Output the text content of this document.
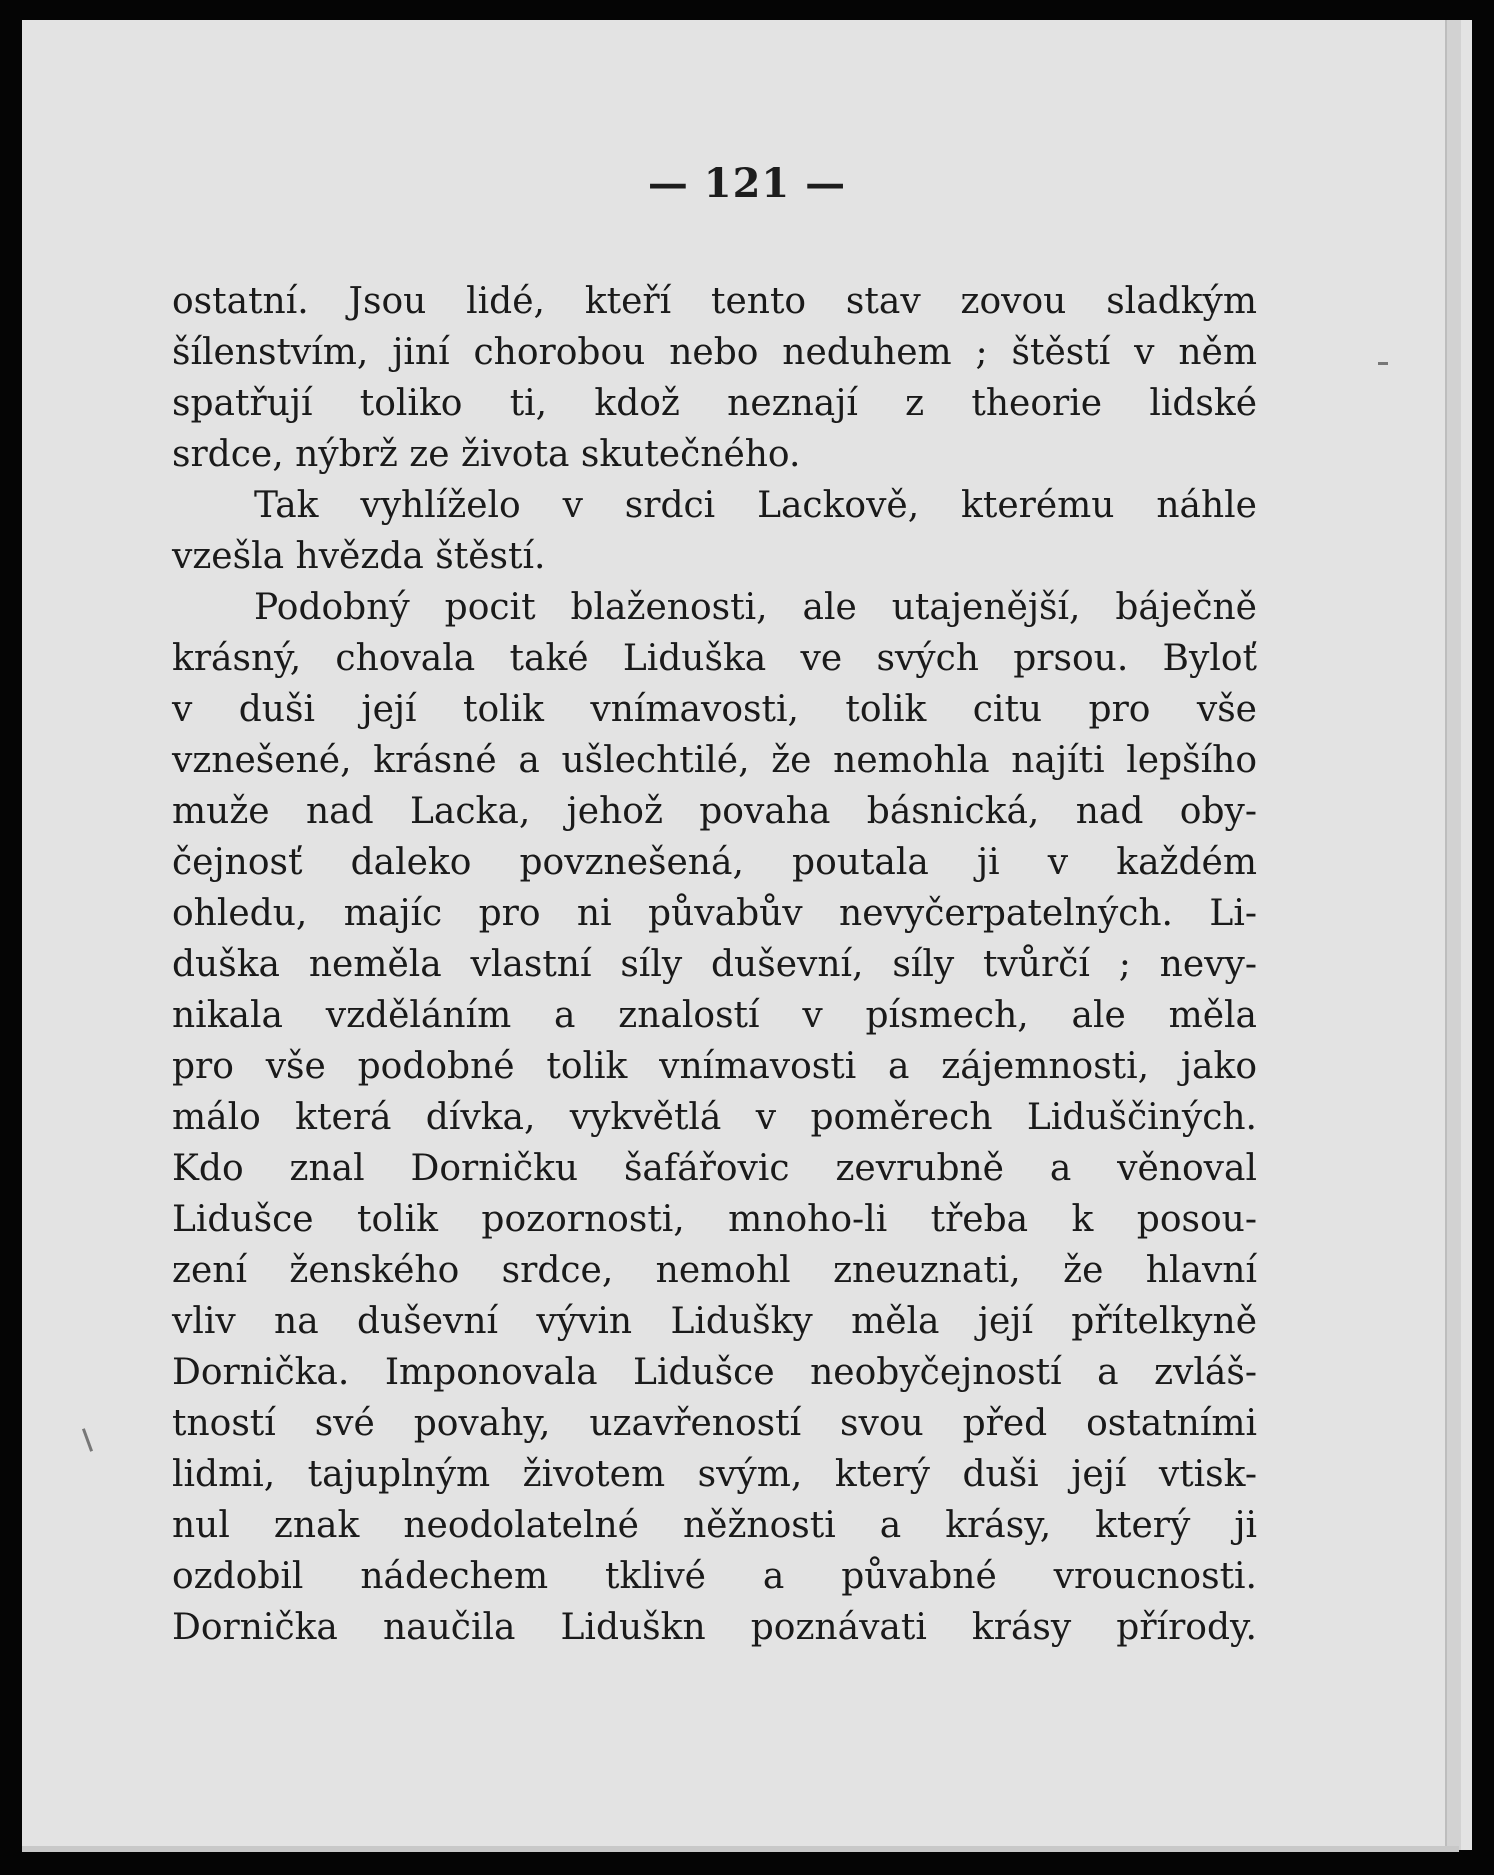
— 121 —
ostatní. Jsou lidé, kteří tento stav zovou sladkým
šílenstvím, jiní chorobou nebo neduhem ; štěstí v něm
spatřují toliko ti, kdož neznají z theorie lidské
srdce, nýbrž ze života skutečného.
Tak vyhlíželo v srdci Lackově, kterému náhle
vzešla hvězda štěstí.
Podobný pocit blaženosti, ale utajenější, báječně
krásný, chovala také Liduška ve svých prsou. Byloť
v duši její tolik vnímavosti, tolik citu pro vše
vznešené, krásné a ušlechtilé, že nemohla najíti lepšího
muže nad Lacka, jehož povaha básnická, nad oby-
čejnosť daleko povznešená, poutala ji v každém
ohledu, majíc pro ni půvabův nevyčerpatelných. Li-
duška neměla vlastní síly duševní, síly tvůrčí ; nevy-
nikala vzděláním a znalostí v písmech, ale měla
pro vše podobné tolik vnímavosti a zájemnosti, jako
málo která dívka, vykvětlá v poměrech Liduščiných.
Kdo znal Dorničku šafářovic zevrubně a věnoval
Lidušce tolik pozornosti, mnoho-li třeba k posou-
zení ženského srdce, nemohl zneuznati, že hlavní
vliv na duševní vývin Lidušky měla její přítelkyně
Dornička. Imponovala Lidušce neobyčejností a zvláš-
tností své povahy, uzavřeností svou před ostatními
lidmi, tajuplným životem svým, který duši její vtisk-
nul znak neodolatelné něžnosti a krásy, který ji
ozdobil nádechem tklivé a půvabné vroucnosti.
Dornička naučila Liduškn poznávati krásy přírody.
